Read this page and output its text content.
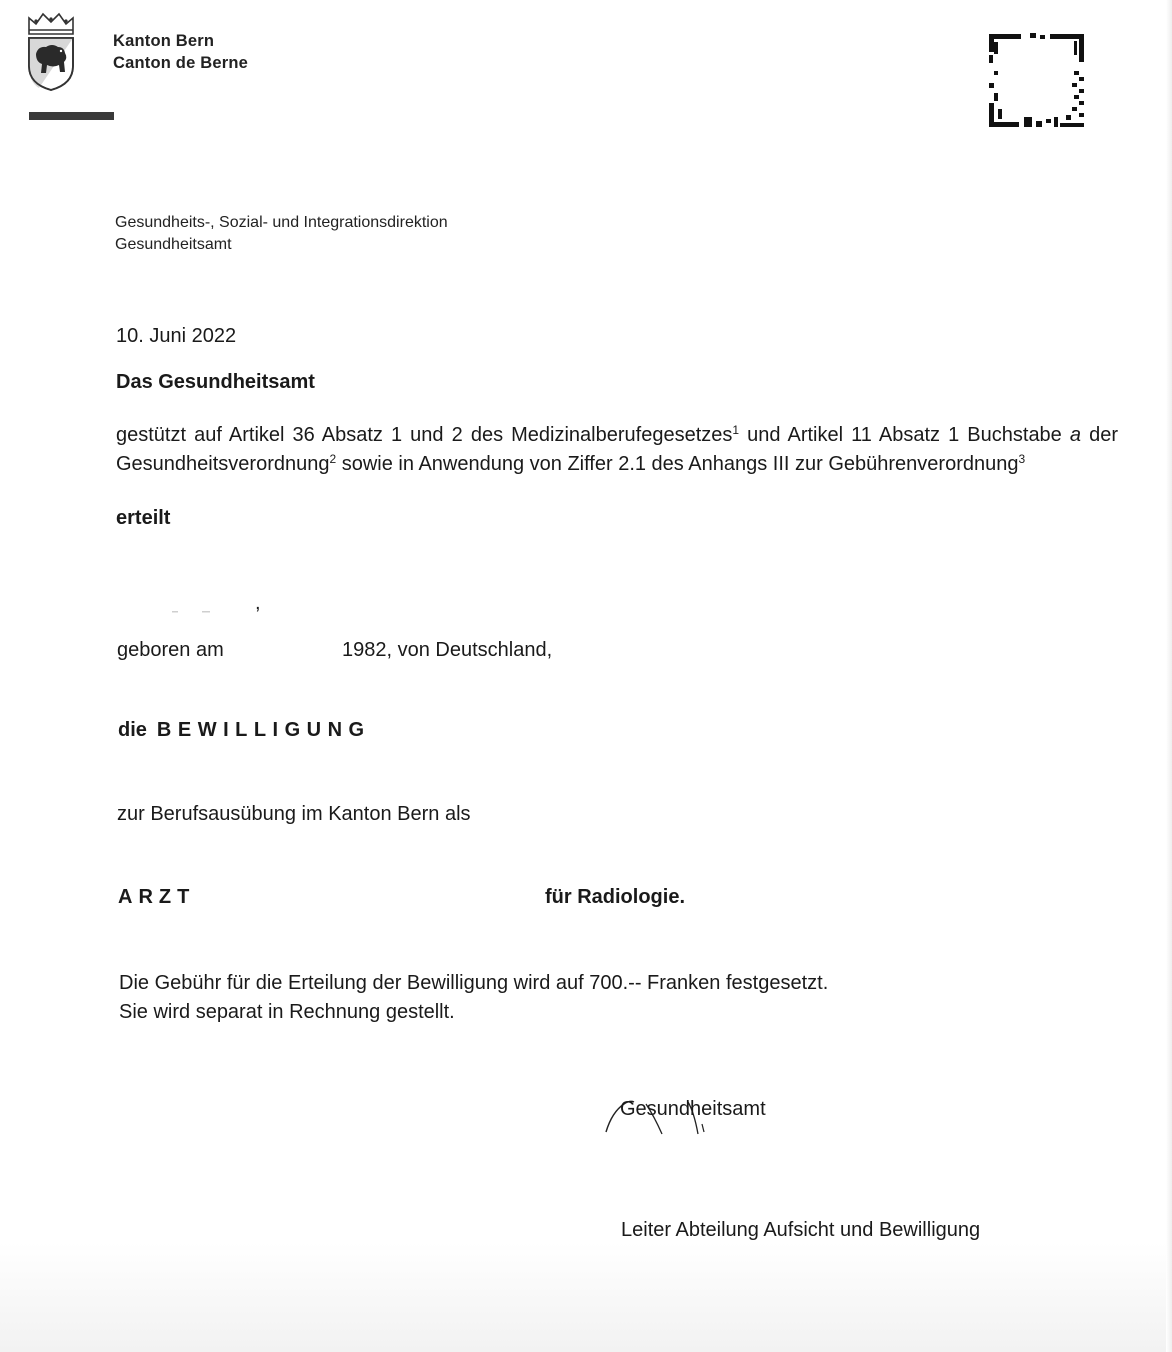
Kanton Bern
Canton de Berne
Gesundheits-, Sozial- und Integrationsdirektion
Gesundheitsamt
10. Juni 2022
Das Gesundheitsamt
gestützt auf Artikel 36 Absatz 1 und 2 des Medizinalberufegesetzes$^1$ und Artikel 11 Absatz 1 Buchstabe a der Gesundheitsverordnung$^2$ sowie in Anwendung von Ziffer 2.1 des Anhangs III zur Gebührenverordnung$^3$
erteilt
,
geboren am	1982, von Deutschland,
die BEWILLIGUNG
zur Berufsausübung im Kanton Bern als
ARZT	für Radiologie.
Die Gebühr für die Erteilung der Bewilligung wird auf 700.-- Franken festgesetzt.
Sie wird separat in Rechnung gestellt.
Gesundheitsamt
Leiter Abteilung Aufsicht und Bewilligung
